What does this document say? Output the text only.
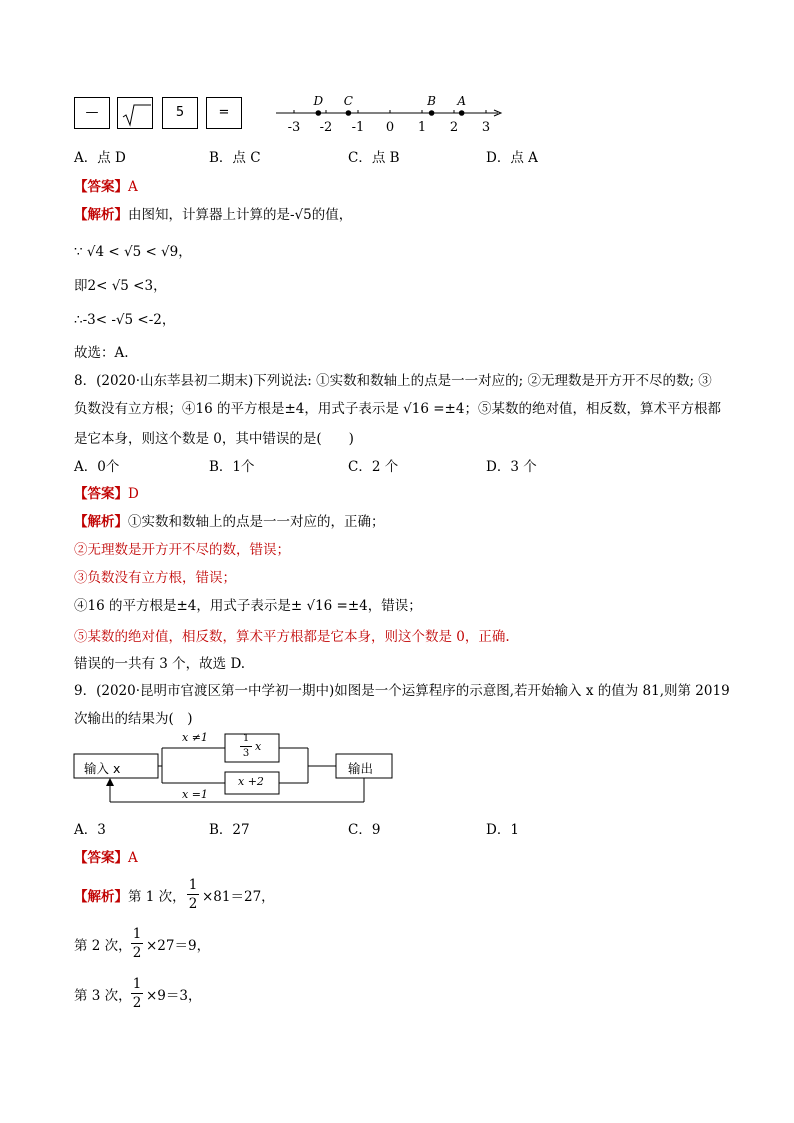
—	5	=
-3 -2 -1 0 1 2 3
D C	B A
A．点 D	B．点 C	C．点 B	D．点 A
【答案】A
【解析】由图知，计算器上计算的是-√5的值，
∵ √4 < √5 < √9，
即2< √5 <3，
∴-3< -√5 <-2，
故选：A.
8．(2020·山东莘县初二期末)下列说法: ①实数和数轴上的点是一一对应的; ②无理数是开方开不尽的数; ③
负数没有立方根；④16 的平方根是±4，用式子表示是 √16 =±4；⑤某数的绝对值，相反数，算术平方根都
是它本身，则这个数是 0，其中错误的是(　　)
A．0个	B．1个	C．2 个	D．3 个
【答案】D
【解析】①实数和数轴上的点是一一对应的，正确；
②无理数是开方开不尽的数，错误；
③负数没有立方根，错误；
④16 的平方根是±4，用式子表示是± √16 =±4，错误；
⑤某数的绝对值，相反数，算术平方根都是它本身，则这个数是 0，正确.
错误的一共有 3 个，故选 D.
9．(2020·昆明市官渡区第一中学初一期中)如图是一个运算程序的示意图,若开始输入 x 的值为 81,则第 2019
次输出的结果为(　)
输入 x	输出
x ≠1
x =1
1
3
x
x +2
A．3	B．27	C．9	D．1
【答案】A
【解析】第 1 次，
1
2 ×81＝27，
第 2 次，
1
2 ×27＝9，
第 3 次，
1
2 ×9＝3，
